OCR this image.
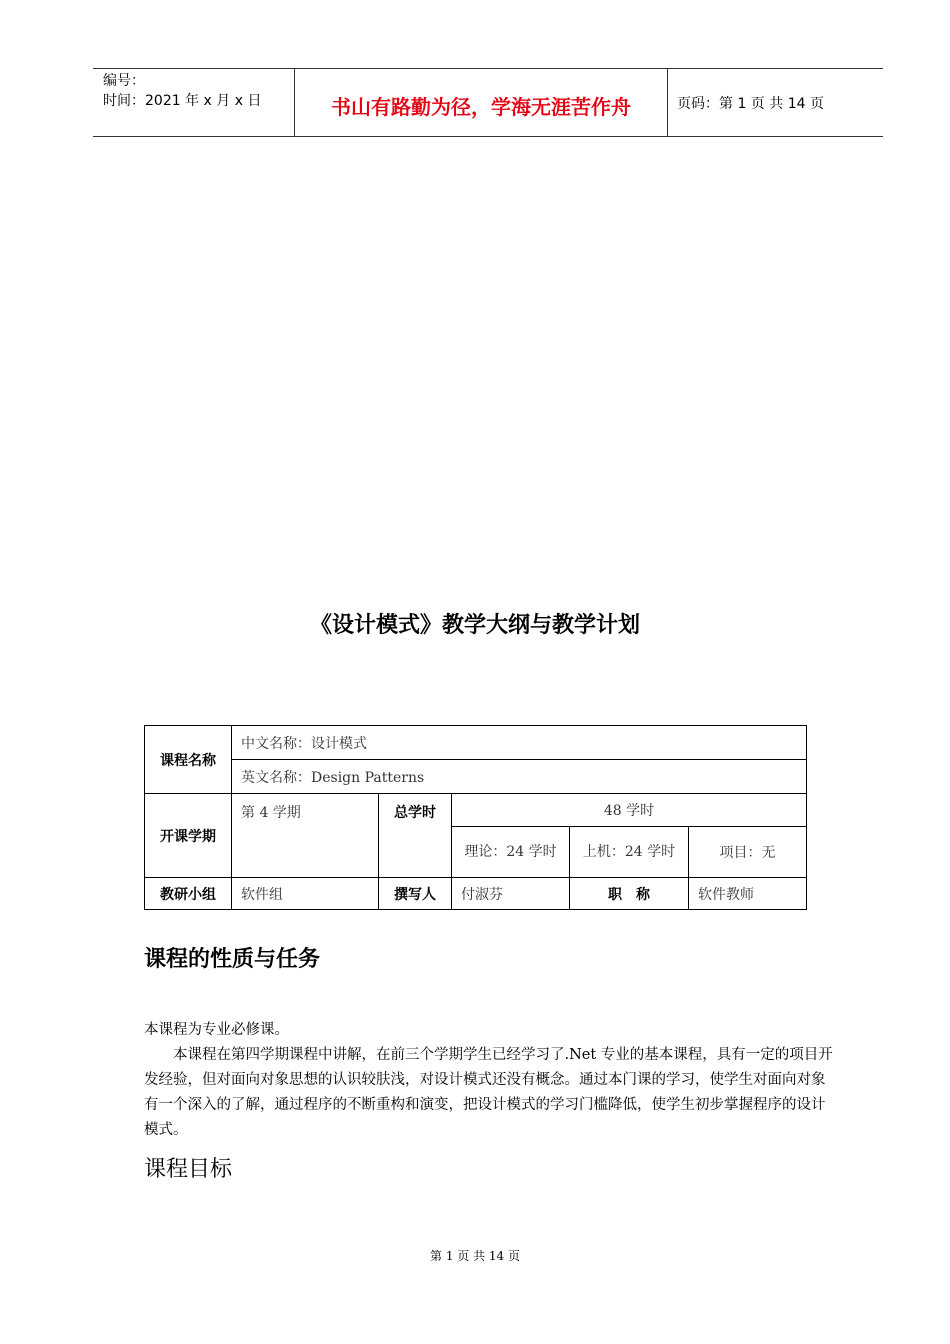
编号：
时间：2021 年 x 月 x 日	书山有路勤为径，学海无涯苦作舟	页码：第 1 页 共 14 页
《设计模式》教学大纲与教学计划
课程名称	中文名称：设计模式				
	英文名称：Design Patterns				
开课学期	第 4 学期	总学时	48 学时		
			理论：24 学时	上机：24 学时	项目：无
教研小组	软件组	撰写人	付淑芬	职　称	软件教师
课程的性质与任务
本课程为专业必修课。
本课程在第四学期课程中讲解，在前三个学期学生已经学习了.Net 专业的基本课程，具有一定的项目开发经验，但对面向对象思想的认识较肤浅，对设计模式还没有概念。通过本门课的学习，使学生对面向对象有一个深入的了解，通过程序的不断重构和演变，把设计模式的学习门槛降低，使学生初步掌握程序的设计模式。
课程目标
第 1 页 共 14 页
